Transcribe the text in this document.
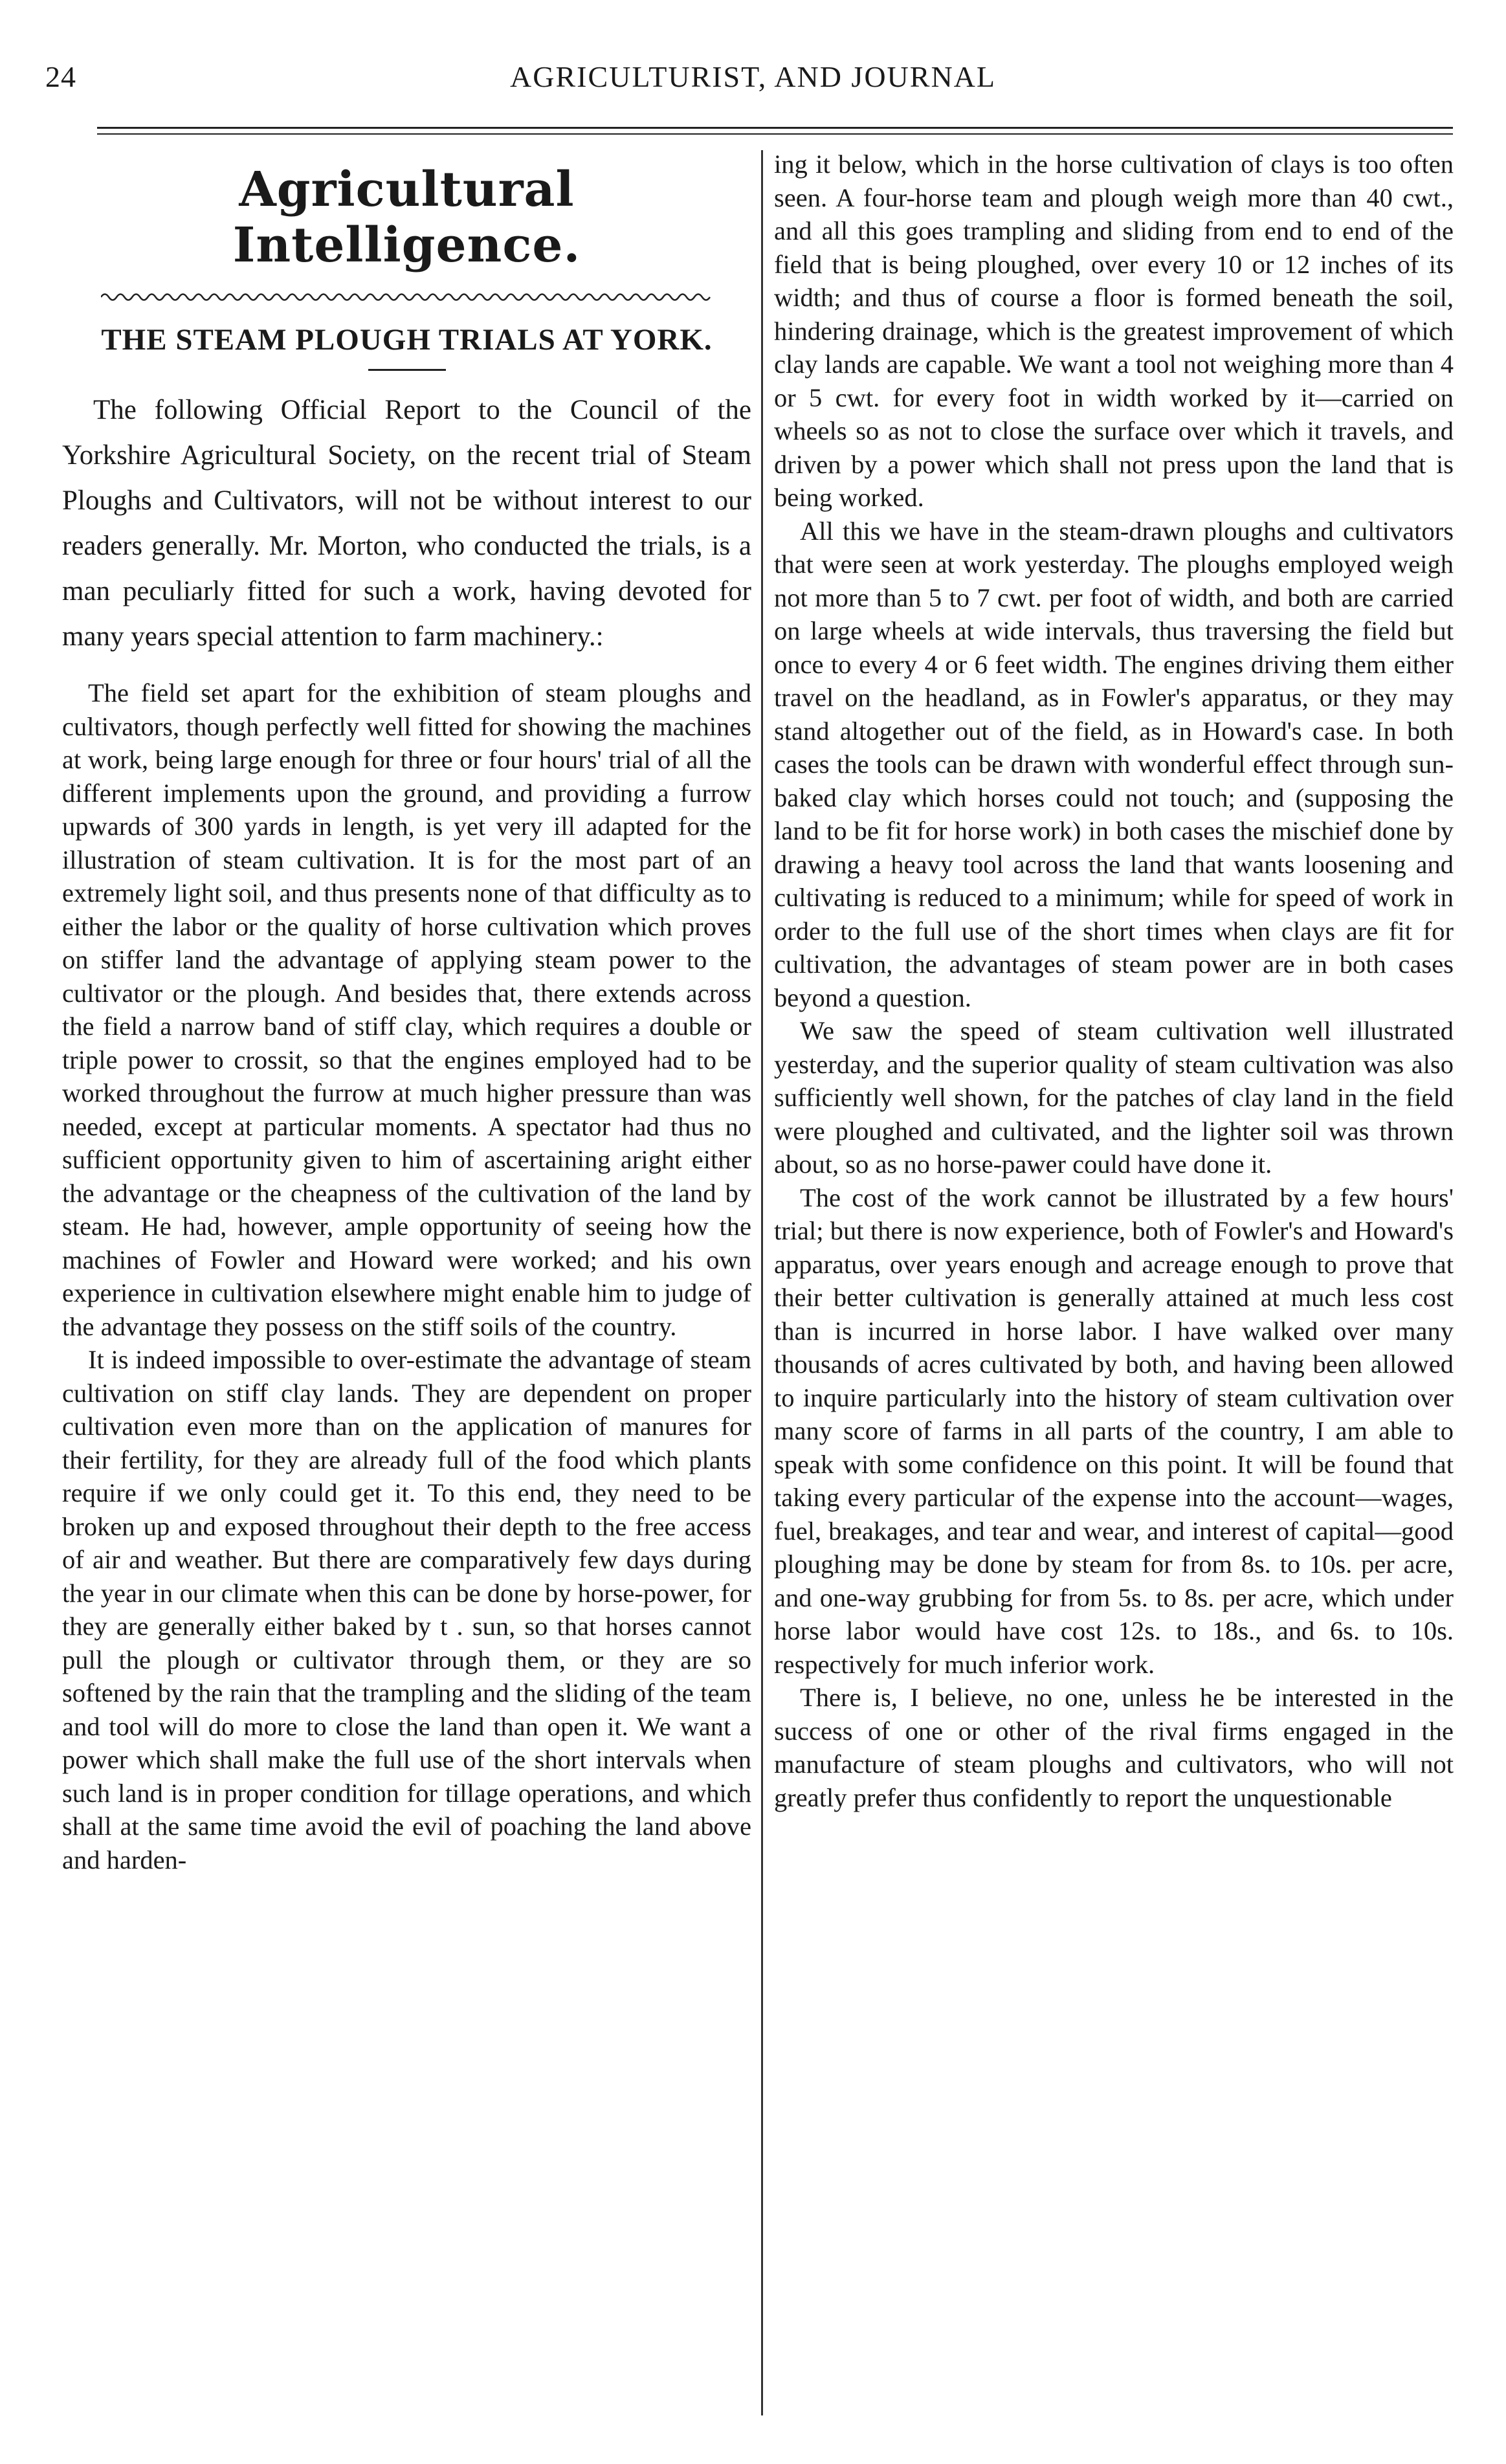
24	AGRICULTURIST, AND JOURNAL
Agricultural Intelligence.
THE STEAM PLOUGH TRIALS AT YORK.

The following Official Report to the Council of the Yorkshire Agricultural Society, on the recent trial of Steam Ploughs and Cultivators, will not be without interest to our readers generally. Mr. Morton, who conducted the trials, is a man peculiarly fitted for such a work, having devoted for many years special attention to farm machinery.:

The field set apart for the exhibition of steam ploughs and cultivators, though perfectly well fitted for showing the machines at work, being large enough for three or four hours' trial of all the different implements upon the ground, and providing a furrow upwards of 300 yards in length, is yet very ill adapted for the illustration of steam cultivation. It is for the most part of an extremely light soil, and thus presents none of that difficulty as to either the labor or the quality of horse cultivation which proves on stiffer land the advantage of applying steam power to the cultivator or the plough. And besides that, there extends across the field a narrow band of stiff clay, which requires a double or triple power to crossit, so that the engines employed had to be worked throughout the furrow at much higher pressure than was needed, except at particular moments. A spectator had thus no sufficient opportunity given to him of ascertaining aright either the advantage or the cheapness of the cultivation of the land by steam. He had, however, ample opportunity of seeing how the machines of Fowler and Howard were worked; and his own experience in cultivation elsewhere might enable him to judge of the advantage they possess on the stiff soils of the country.

It is indeed impossible to over-estimate the advantage of steam cultivation on stiff clay lands. They are dependent on proper cultivation even more than on the application of manures for their fertility, for they are already full of the food which plants require if we only could get it. To this end, they need to be broken up and exposed throughout their depth to the free access of air and weather. But there are comparatively few days during the year in our climate when this can be done by horse-power, for they are generally either baked by t . sun, so that horses cannot pull the plough or cultivator through them, or they are so softened by the rain that the trampling and the sliding of the team and tool will do more to close the land than open it. We want a power which shall make the full use of the short intervals when such land is in proper condition for tillage operations, and which shall at the same time avoid the evil of poaching the land above and harden-

ing it below, which in the horse cultivation of clays is too often seen. A four-horse team and plough weigh more than 40 cwt., and all this goes trampling and sliding from end to end of the field that is being ploughed, over every 10 or 12 inches of its width; and thus of course a floor is formed beneath the soil, hindering drainage, which is the greatest improvement of which clay lands are capable. We want a tool not weighing more than 4 or 5 cwt. for every foot in width worked by it—carried on wheels so as not to close the surface over which it travels, and driven by a power which shall not press upon the land that is being worked.

All this we have in the steam-drawn ploughs and cultivators that were seen at work yesterday. The ploughs employed weigh not more than 5 to 7 cwt. per foot of width, and both are carried on large wheels at wide intervals, thus traversing the field but once to every 4 or 6 feet width. The engines driving them either travel on the headland, as in Fowler's apparatus, or they may stand altogether out of the field, as in Howard's case. In both cases the tools can be drawn with wonderful effect through sun-baked clay which horses could not touch; and (supposing the land to be fit for horse work) in both cases the mischief done by drawing a heavy tool across the land that wants loosening and cultivating is reduced to a minimum; while for speed of work in order to the full use of the short times when clays are fit for cultivation, the advantages of steam power are in both cases beyond a question.

We saw the speed of steam cultivation well illustrated yesterday, and the superior quality of steam cultivation was also sufficiently well shown, for the patches of clay land in the field were ploughed and cultivated, and the lighter soil was thrown about, so as no horse-pawer could have done it.

The cost of the work cannot be illustrated by a few hours' trial; but there is now experience, both of Fowler's and Howard's apparatus, over years enough and acreage enough to prove that their better cultivation is generally attained at much less cost than is incurred in horse labor. I have walked over many thousands of acres cultivated by both, and having been allowed to inquire particularly into the history of steam cultivation over many score of farms in all parts of the country, I am able to speak with some confidence on this point. It will be found that taking every particular of the expense into the account—wages, fuel, breakages, and tear and wear, and interest of capital—good ploughing may be done by steam for from 8s. to 10s. per acre, and one-way grubbing for from 5s. to 8s. per acre, which under horse labor would have cost 12s. to 18s., and 6s. to 10s. respectively for much inferior work.

There is, I believe, no one, unless he be interested in the success of one or other of the rival firms engaged in the manufacture of steam ploughs and cultivators, who will not greatly prefer thus confidently to report the unquestionable
